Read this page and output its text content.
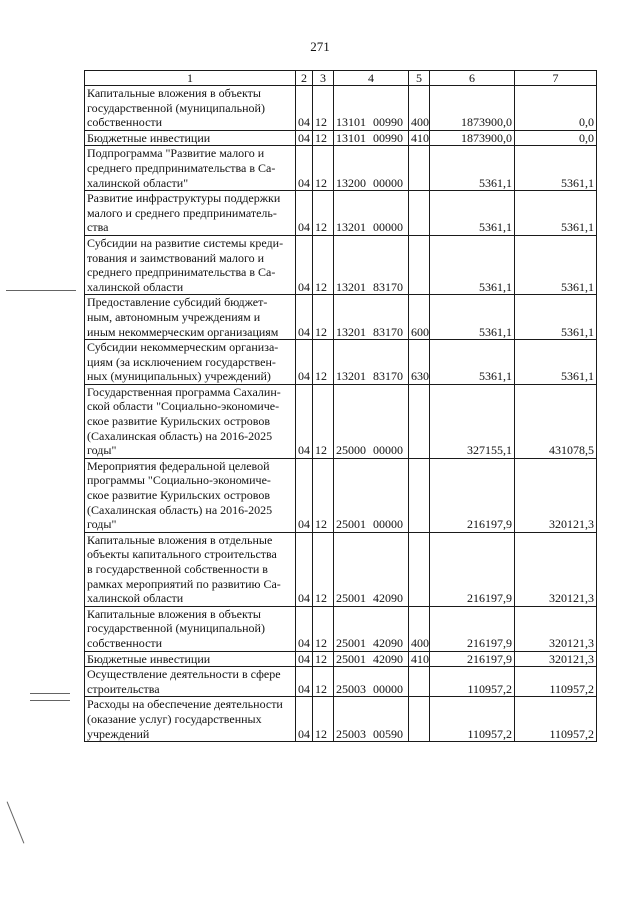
271
1	2	3	4	5	6	7

Капитальные вложения в объекты
государственной (муниципальной)
собственности	04	12	13101 00990	400	1873900,0	0,0

Бюджетные инвестиции	04	12	13101 00990	410	1873900,0	0,0

Подпрограмма "Развитие малого и
среднего предпринимательства в Са-
халинской области"	04	12	13200 00000		5361,1	5361,1

Развитие инфраструктуры поддержки
малого и среднего предприниматель-
ства	04	12	13201 00000		5361,1	5361,1

Субсидии на развитие системы креди-
тования и заимствований малого и
среднего предпринимательства в Са-
халинской области	04	12	13201 83170		5361,1	5361,1

Предоставление субсидий бюджет-
ным, автономным учреждениям и
иным некоммерческим организациям	04	12	13201 83170	600	5361,1	5361,1

Субсидии некоммерческим организа-
циям (за исключением государствен-
ных (муниципальных) учреждений)	04	12	13201 83170	630	5361,1	5361,1

Государственная программа Сахалин-
ской области "Социально-экономиче-
ское развитие Курильских островов
(Сахалинская область) на 2016-2025
годы"	04	12	25000 00000		327155,1	431078,5

Мероприятия федеральной целевой
программы "Социально-экономиче-
ское развитие Курильских островов
(Сахалинская область) на 2016-2025
годы"	04	12	25001 00000		216197,9	320121,3

Капитальные вложения в отдельные
объекты капитального строительства
в государственной собственности в
рамках мероприятий по развитию Са-
халинской области	04	12	25001 42090		216197,9	320121,3

Капитальные вложения в объекты
государственной (муниципальной)
собственности	04	12	25001 42090	400	216197,9	320121,3

Бюджетные инвестиции	04	12	25001 42090	410	216197,9	320121,3

Осуществление деятельности в сфере
строительства	04	12	25003 00000		110957,2	110957,2

Расходы на обеспечение деятельности
(оказание услуг) государственных
учреждений	04	12	25003 00590		110957,2	110957,2
